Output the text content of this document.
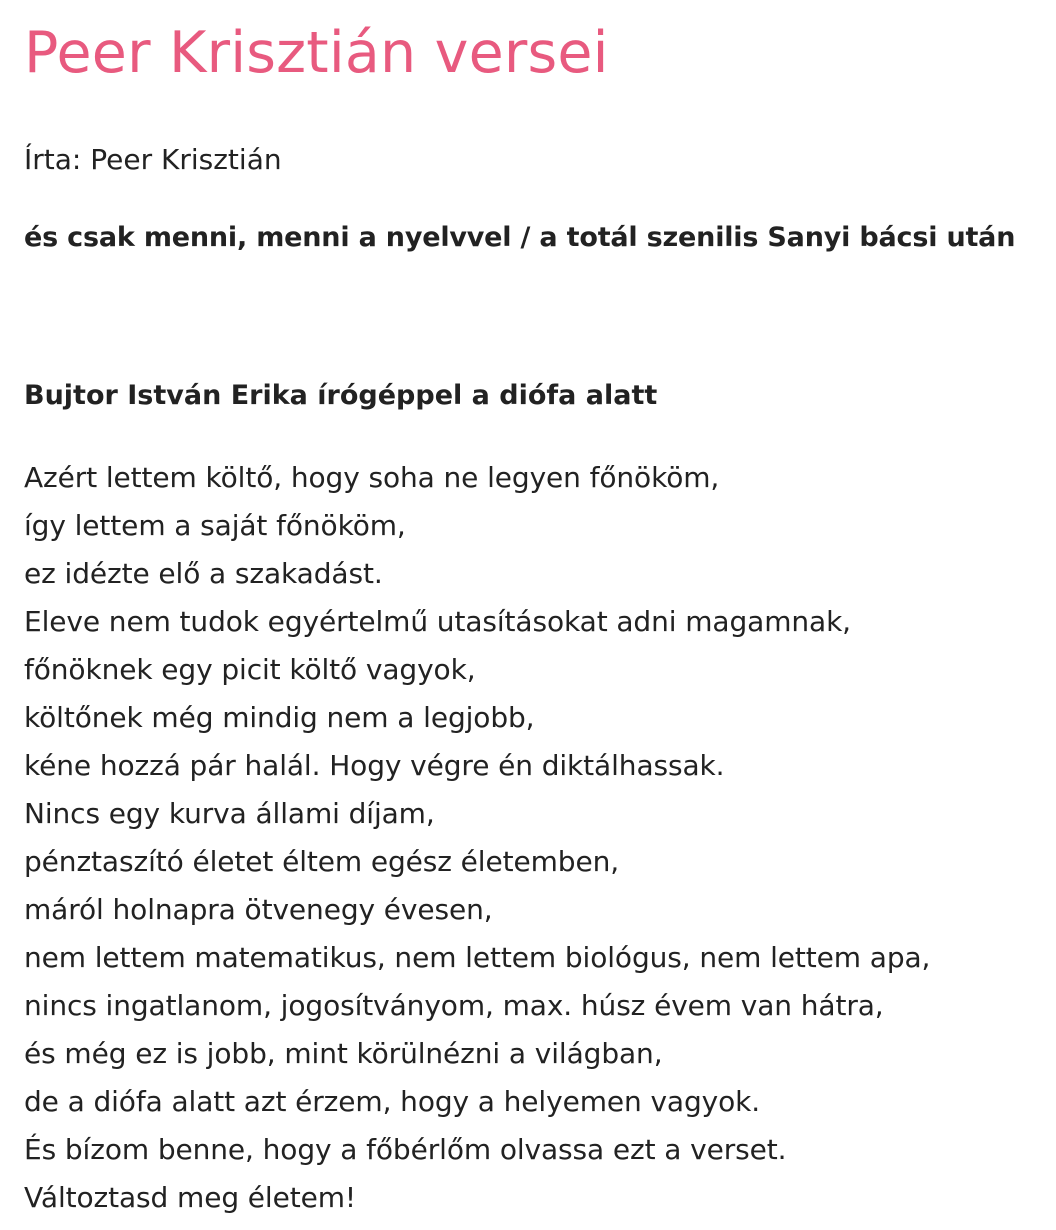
Peer Krisztián versei

Írta: Peer Krisztián

és csak menni, menni a nyelvvel / a totál szenilis Sanyi bácsi után

Bujtor István Erika írógéppel a diófa alatt
Azért lettem költő, hogy soha ne legyen főnököm,
így lettem a saját főnököm,
ez idézte elő a szakadást.
Eleve nem tudok egyértelmű utasításokat adni magamnak,
főnöknek egy picit költő vagyok,
költőnek még mindig nem a legjobb,
kéne hozzá pár halál. Hogy végre én diktálhassak.
Nincs egy kurva állami díjam,
pénztaszító életet éltem egész életemben,
máról holnapra ötvenegy évesen,
nem lettem matematikus, nem lettem biológus, nem lettem apa,
nincs ingatlanom, jogosítványom, max. húsz évem van hátra,
és még ez is jobb, mint körülnézni a világban,
de a diófa alatt azt érzem, hogy a helyemen vagyok.
És bízom benne, hogy a főbérlőm olvassa ezt a verset.
Változtasd meg életem!
